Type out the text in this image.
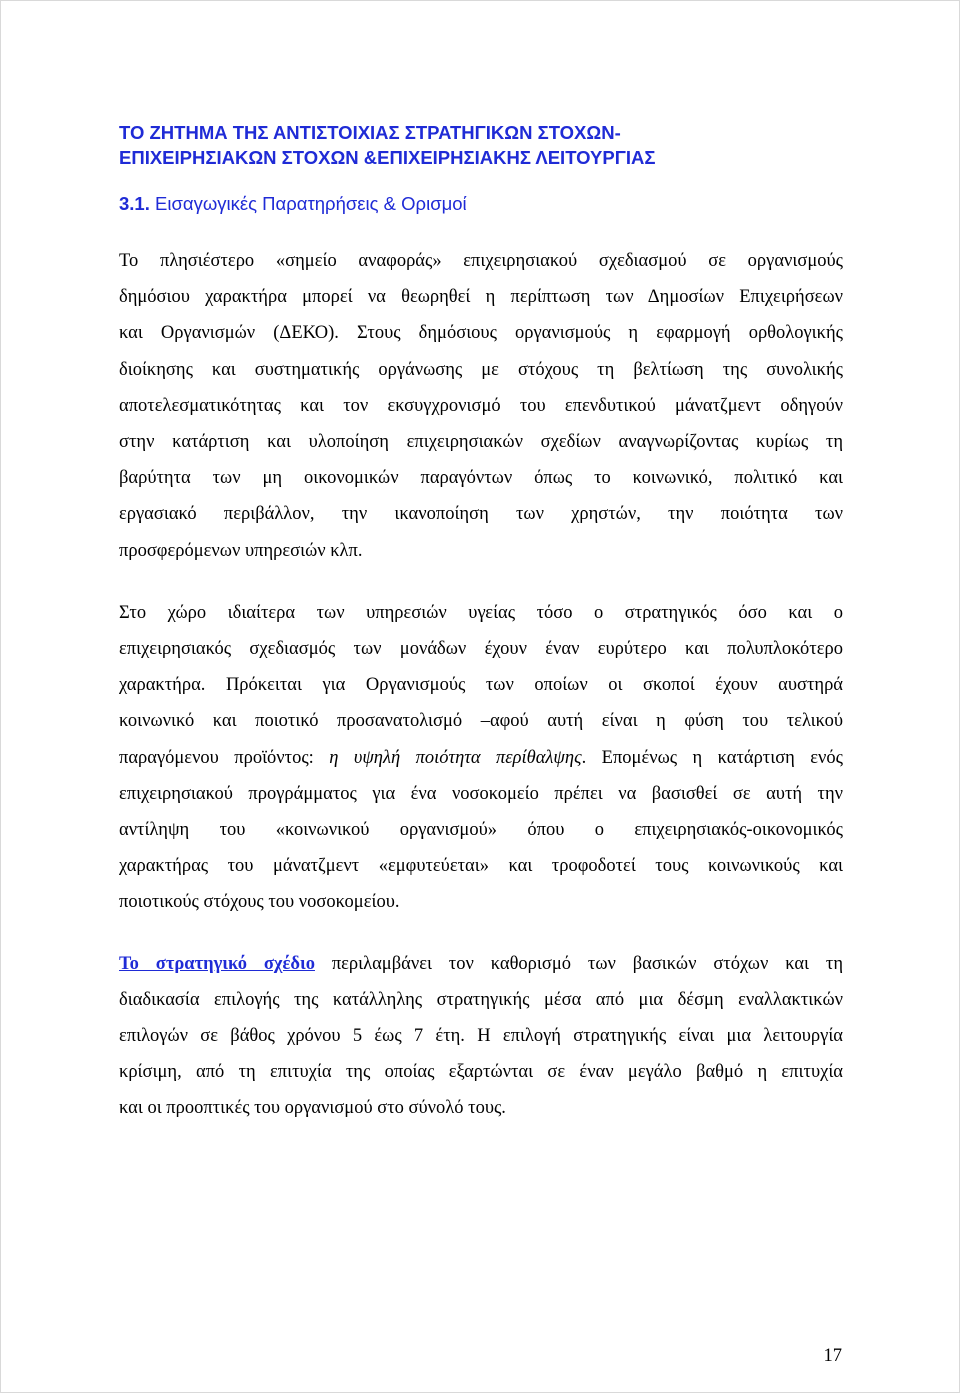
ΤΟ ΖΗΤΗΜΑ ΤΗΣ ΑΝΤΙΣΤΟΙΧΙΑΣ ΣΤΡΑΤΗΓΙΚΩΝ ΣΤΟΧΩΝ-
ΕΠΙΧΕΙΡΗΣΙΑΚΩΝ ΣΤΟΧΩΝ &ΕΠΙΧΕΙΡΗΣΙΑΚΗΣ ΛΕΙΤΟΥΡΓΙΑΣ
3.1. Εισαγωγικές Παρατηρήσεις & Ορισμοί

Το πλησιέστερο «σημείο αναφοράς» επιχειρησιακού σχεδιασμού σε οργανισμούς
δημόσιου χαρακτήρα μπορεί να θεωρηθεί η περίπτωση των Δημοσίων Επιχειρήσεων
και Οργανισμών (ΔΕΚΟ). Στους δημόσιους οργανισμούς η εφαρμογή ορθολογικής
διοίκησης και συστηματικής οργάνωσης με στόχους τη βελτίωση της συνολικής
αποτελεσματικότητας και τον εκσυγχρονισμό του επενδυτικού μάνατζμεντ οδηγούν
στην κατάρτιση και υλοποίηση επιχειρησιακών σχεδίων αναγνωρίζοντας κυρίως τη
βαρύτητα των μη οικονομικών παραγόντων όπως το κοινωνικό, πολιτικό και
εργασιακό περιβάλλον, την ικανοποίηση των χρηστών, την ποιότητα των
προσφερόμενων υπηρεσιών κλπ.

Στο χώρο ιδιαίτερα των υπηρεσιών υγείας τόσο ο στρατηγικός όσο και ο
επιχειρησιακός σχεδιασμός των μονάδων έχουν έναν ευρύτερο και πολυπλοκότερο
χαρακτήρα. Πρόκειται για Οργανισμούς των οποίων οι σκοποί έχουν αυστηρά
κοινωνικό και ποιοτικό προσανατολισμό –αφού αυτή είναι η φύση του τελικού
παραγόμενου προϊόντος: η υψηλή ποιότητα περίθαλψης. Επομένως η κατάρτιση ενός
επιχειρησιακού προγράμματος για ένα νοσοκομείο πρέπει να βασισθεί σε αυτή την
αντίληψη του «κοινωνικού οργανισμού» όπου ο επιχειρησιακός-οικονομικός
χαρακτήρας του μάνατζμεντ «εμφυτεύεται» και τροφοδοτεί τους κοινωνικούς και
ποιοτικούς στόχους του νοσοκομείου.

Το στρατηγικό σχέδιο περιλαμβάνει τον καθορισμό των βασικών στόχων και τη
διαδικασία επιλογής της κατάλληλης στρατηγικής μέσα από μια δέσμη εναλλακτικών
επιλογών σε βάθος χρόνου 5 έως 7 έτη. Η επιλογή στρατηγικής είναι μια λειτουργία
κρίσιμη, από τη επιτυχία της οποίας εξαρτώνται σε έναν μεγάλο βαθμό η επιτυχία
και οι προοπτικές του οργανισμού στο σύνολό τους.

17
